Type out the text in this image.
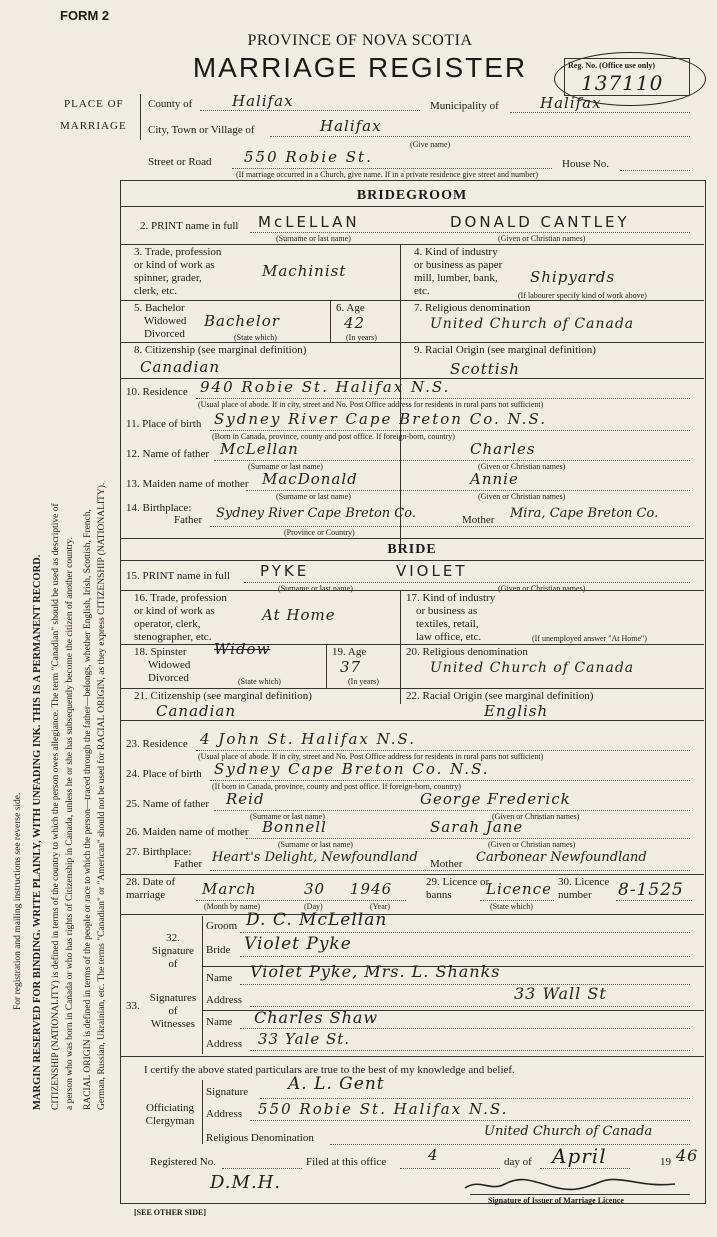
FORM 2
PROVINCE OF NOVA SCOTIA
MARRIAGE REGISTER	Reg. No. (Office use only)
137110
PLACE OF
MARRIAGE
County of	Halifax	Municipality of	Halifax
City, Town or Village of	Halifax
(Give name)
Street or Road 550 Robie St.	House No.
(If marriage occurred in a Church, give name. If in a private residence give street and number)
For registration and mailing instructions see reverse side. MARGIN RESERVED FOR BINDING. WRITE PLAINLY, WITH UNFADING INK. THIS IS A PERMANENT RECORD. CITIZENSHIP (NATIONALITY) is defined in terms of the country to which the person owes allegiance. The term "Canadian" should be used as descriptive of a person who was born in Canada or who has rights of Citizenship in Canada, unless he or she has subsequently become the citizen of another country. RACIAL ORIGIN is defined in terms of the people or race to which the person—traced through the father—belongs, whether English, Irish, Scottish, French, German, Russian, Ukrainian, etc. The terms "Canadian" or "American" should not be used for RACIAL ORIGIN, as they express CITIZENSHIP (NATIONALITY).
BRIDEGROOM
2. PRINT name in full McLELLAN	DONALD CANTLEY
(Surname or last name)	(Given or Christian names)
3. Trade, profession
or kind of work as
spinner, grader,
clerk, etc.
Machinist
4. Kind of industry
or business as paper
mill, lumber, bank,
etc.
Shipyards
(If labourer specify kind of work above)
5. Bachelor
Widowed
Divorced
Bachelor
(State which)
6. Age
42
(In years)
7. Religious denomination
United Church of Canada
8. Citizenship (see marginal definition)
Canadian
9. Racial Origin (see marginal definition)
Scottish
10. Residence 940 Robie St. Halifax N.S.
(Usual place of abode. If in city, street and No. Post Office address for residents in rural parts not sufficient)
11. Place of birth Sydney River Cape Breton Co. N.S.
(Born in Canada, province, county and post office. If foreign-born, country)
12. Name of father McLellan	Charles
(Surname or last name)	(Given or Christian names)
13. Maiden name of mother MacDonald	Annie
(Surname or last name)	(Given or Christian names)
14. Birthplace:
Father Sydney River Cape Breton Co.	Mother Mira, Cape Breton Co.
(Province or Country)
BRIDE
15. PRINT name in full PYKE	VIOLET
(Surname or last name)	(Given or Christian names)
16. Trade, profession
or kind of work as
operator, clerk,
stenographer, etc.
At Home
17. Kind of industry
or business as
textiles, retail,
law office, etc.	(If unemployed answer "At Home")
18. Spinster
Widowed
Divorced
Widow
(State which)
19. Age
37
(In years)
20. Religious denomination
United Church of Canada
21. Citizenship (see marginal definition)
Canadian
22. Racial Origin (see marginal definition)
English
23. Residence 4 John St. Halifax N.S.
(Usual place of abode. If in city, street and No. Post Office address for residents in rural parts not sufficient)
24. Place of birth Sydney Cape Breton Co. N.S.
(If born in Canada, province, county and post office. If foreign-born, country)
25. Name of father Reid	George Frederick
(Surname or last name)	(Given or Christian names)
26. Maiden name of mother Bonnell	Sarah Jane
(Surname or last name)	(Given or Christian names)
27. Birthplace:
Father Heart's Delight, Newfoundland Mother Carbonear Newfoundland
28. Date of marriage	March	30 1946
(Month by name)	(Day)	(Year)
29. Licence or banns	Licence
(State which)
30. Licence number	8-1525
32. Signature of
Groom D. C. McLellan
Bride Violet Pyke
33.
Signatures of Witnesses
Name Violet Pyke, Mrs. L. Shanks
Address	33 Wall St
Name Charles Shaw
Address 33 Yale St.
I certify the above stated particulars are true to the best of my knowledge and belief.
Officiating Clergyman
Signature A. L. Gent
Address 550 Robie St. Halifax N.S.
Religious Denomination	United Church of Canada
Registered No.	Filed at this office	4	day of April	19 46
D.M.H.
Signature of Issuer of Marriage Licence
[SEE OTHER SIDE]
